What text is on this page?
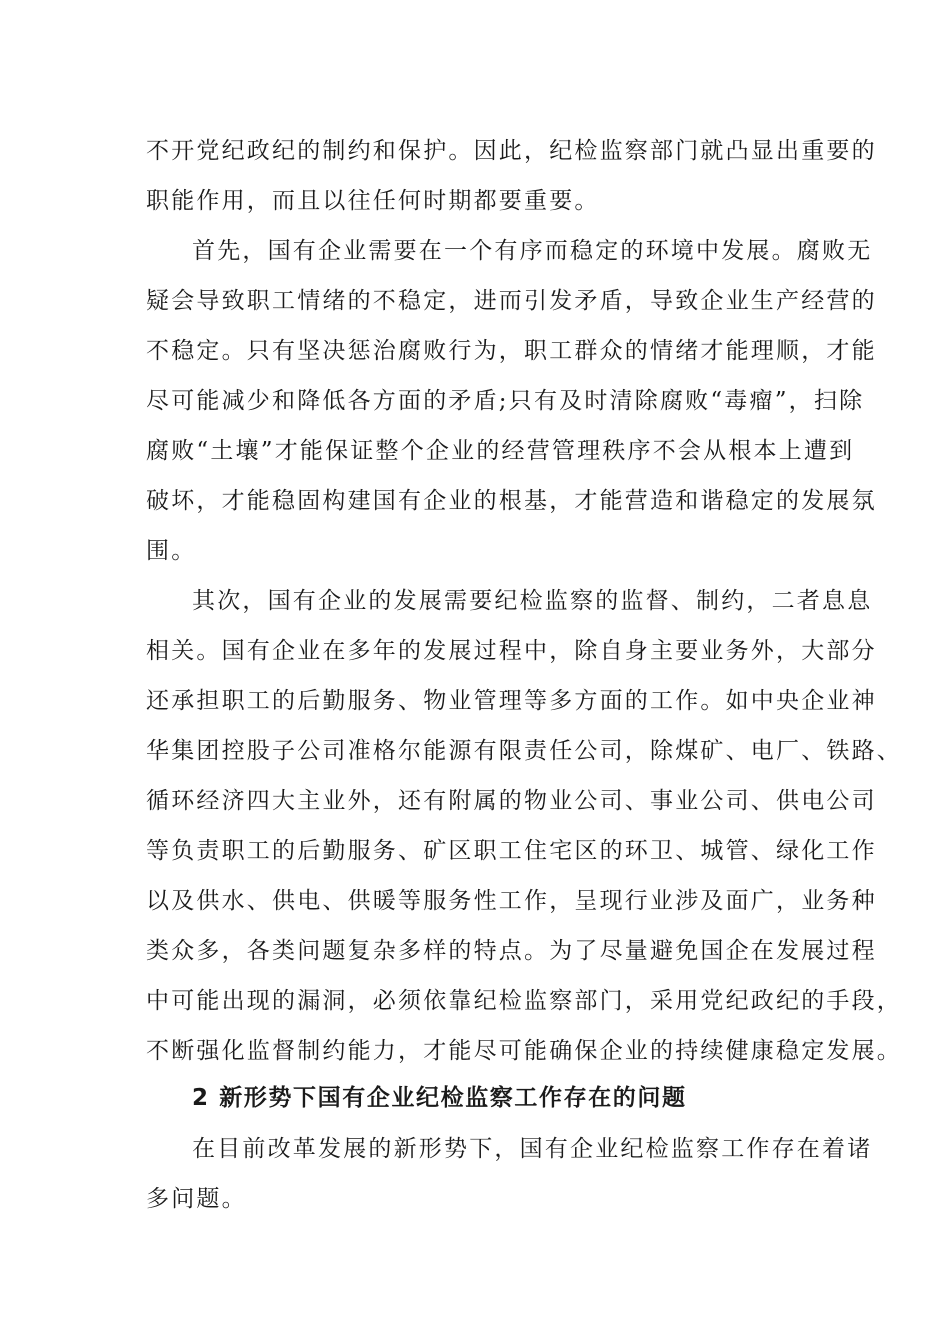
不开党纪政纪的制约和保护。因此，纪检监察部门就凸显出重要的
职能作用，而且以往任何时期都要重要。
首先，国有企业需要在一个有序而稳定的环境中发展。腐败无
疑会导致职工情绪的不稳定，进而引发矛盾，导致企业生产经营的
不稳定。只有坚决惩治腐败行为，职工群众的情绪才能理顺，才能
尽可能减少和降低各方面的矛盾;只有及时清除腐败“毒瘤”，扫除
腐败“土壤”才能保证整个企业的经营管理秩序不会从根本上遭到
破坏，才能稳固构建国有企业的根基，才能营造和谐稳定的发展氛
围。
其次，国有企业的发展需要纪检监察的监督、制约，二者息息
相关。国有企业在多年的发展过程中，除自身主要业务外，大部分
还承担职工的后勤服务、物业管理等多方面的工作。如中央企业神
华集团控股子公司准格尔能源有限责任公司，除煤矿、电厂、铁路、
循环经济四大主业外，还有附属的物业公司、事业公司、供电公司
等负责职工的后勤服务、矿区职工住宅区的环卫、城管、绿化工作
以及供水、供电、供暖等服务性工作，呈现行业涉及面广，业务种
类众多，各类问题复杂多样的特点。为了尽量避免国企在发展过程
中可能出现的漏洞，必须依靠纪检监察部门，采用党纪政纪的手段，
不断强化监督制约能力，才能尽可能确保企业的持续健康稳定发展。
2 新形势下国有企业纪检监察工作存在的问题
在目前改革发展的新形势下，国有企业纪检监察工作存在着诸
多问题。
